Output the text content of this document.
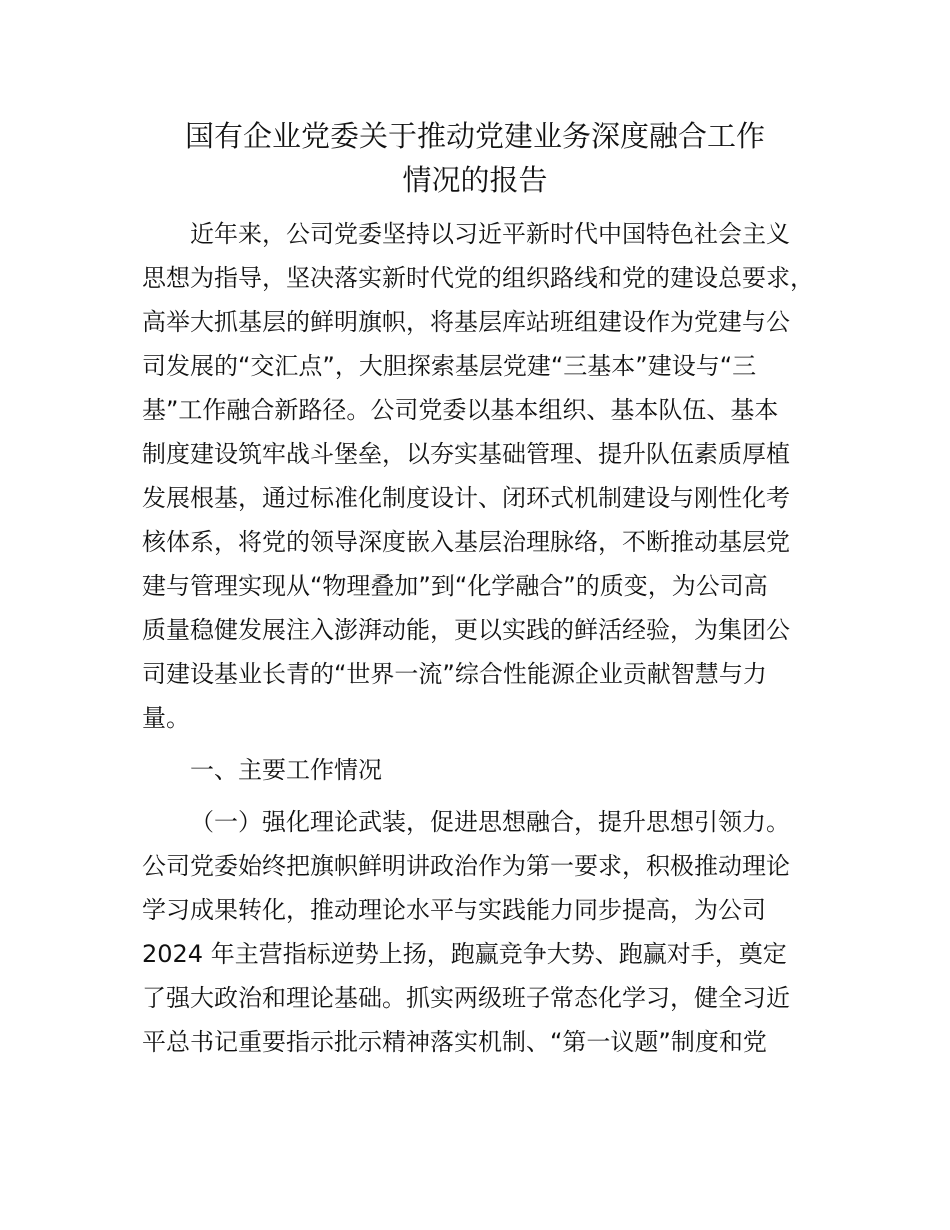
国有企业党委关于推动党建业务深度融合工作
情况的报告
近年来，公司党委坚持以习近平新时代中国特色社会主义
思想为指导，坚决落实新时代党的组织路线和党的建设总要求，
高举大抓基层的鲜明旗帜，将基层库站班组建设作为党建与公
司发展的“交汇点”，大胆探索基层党建“三基本”建设与“三
基”工作融合新路径。公司党委以基本组织、基本队伍、基本
制度建设筑牢战斗堡垒，以夯实基础管理、提升队伍素质厚植
发展根基，通过标准化制度设计、闭环式机制建设与刚性化考
核体系，将党的领导深度嵌入基层治理脉络，不断推动基层党
建与管理实现从“物理叠加”到“化学融合”的质变，为公司高
质量稳健发展注入澎湃动能，更以实践的鲜活经验，为集团公
司建设基业长青的“世界一流”综合性能源企业贡献智慧与力
量。
一、主要工作情况
（一）强化理论武装，促进思想融合，提升思想引领力。
公司党委始终把旗帜鲜明讲政治作为第一要求，积极推动理论
学习成果转化，推动理论水平与实践能力同步提高，为公司
2024 年主营指标逆势上扬，跑赢竞争大势、跑赢对手，奠定
了强大政治和理论基础。抓实两级班子常态化学习，健全习近
平总书记重要指示批示精神落实机制、“第一议题”制度和党
